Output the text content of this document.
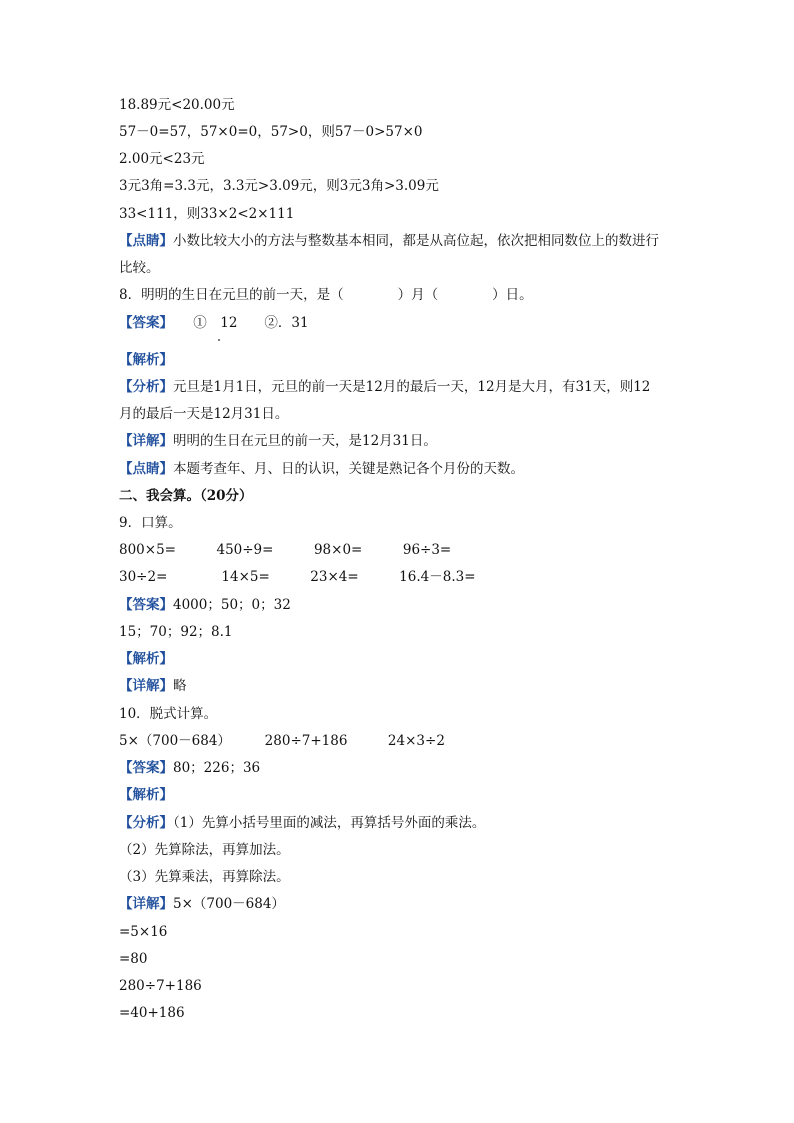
18.89元<20.00元
57－0=57，57×0=0，57>0，则57－0>57×0
2.00元<23元
3元3角=3.3元，3.3元>3.09元，则3元3角>3.09元
33<111，则33×2<2×111
【点睛】小数比较大小的方法与整数基本相同，都是从高位起，依次把相同数位上的数进行
比较。
8．明明的生日在元旦的前一天，是（　　　　）月（　　　　）日。
【答案】　　①　12　　②．31
【解析】
【分析】元旦是1月1日，元旦的前一天是12月的最后一天，12月是大月，有31天，则12
月的最后一天是12月31日。
【详解】明明的生日在元旦的前一天，是12月31日。
【点睛】本题考查年、月、日的认识，关键是熟记各个月份的天数。
二、我会算。（20分）
9．口算。
800×5=　　　450÷9=　　　98×0=　　　96÷3=
30÷2=　　　　14×5=　　　23×4=　　　16.4－8.3=
【答案】4000；50；0；32
15；70；92；8.1
【解析】
【详解】略
10．脱式计算。
5×（700－684）　　　280÷7+186　　　24×3÷2
【答案】80；226；36
【解析】
【分析】（1）先算小括号里面的减法，再算括号外面的乘法。
（2）先算除法，再算加法。
（3）先算乘法，再算除法。
【详解】5×（700－684）
=5×16
=80
280÷7+186
=40+186
